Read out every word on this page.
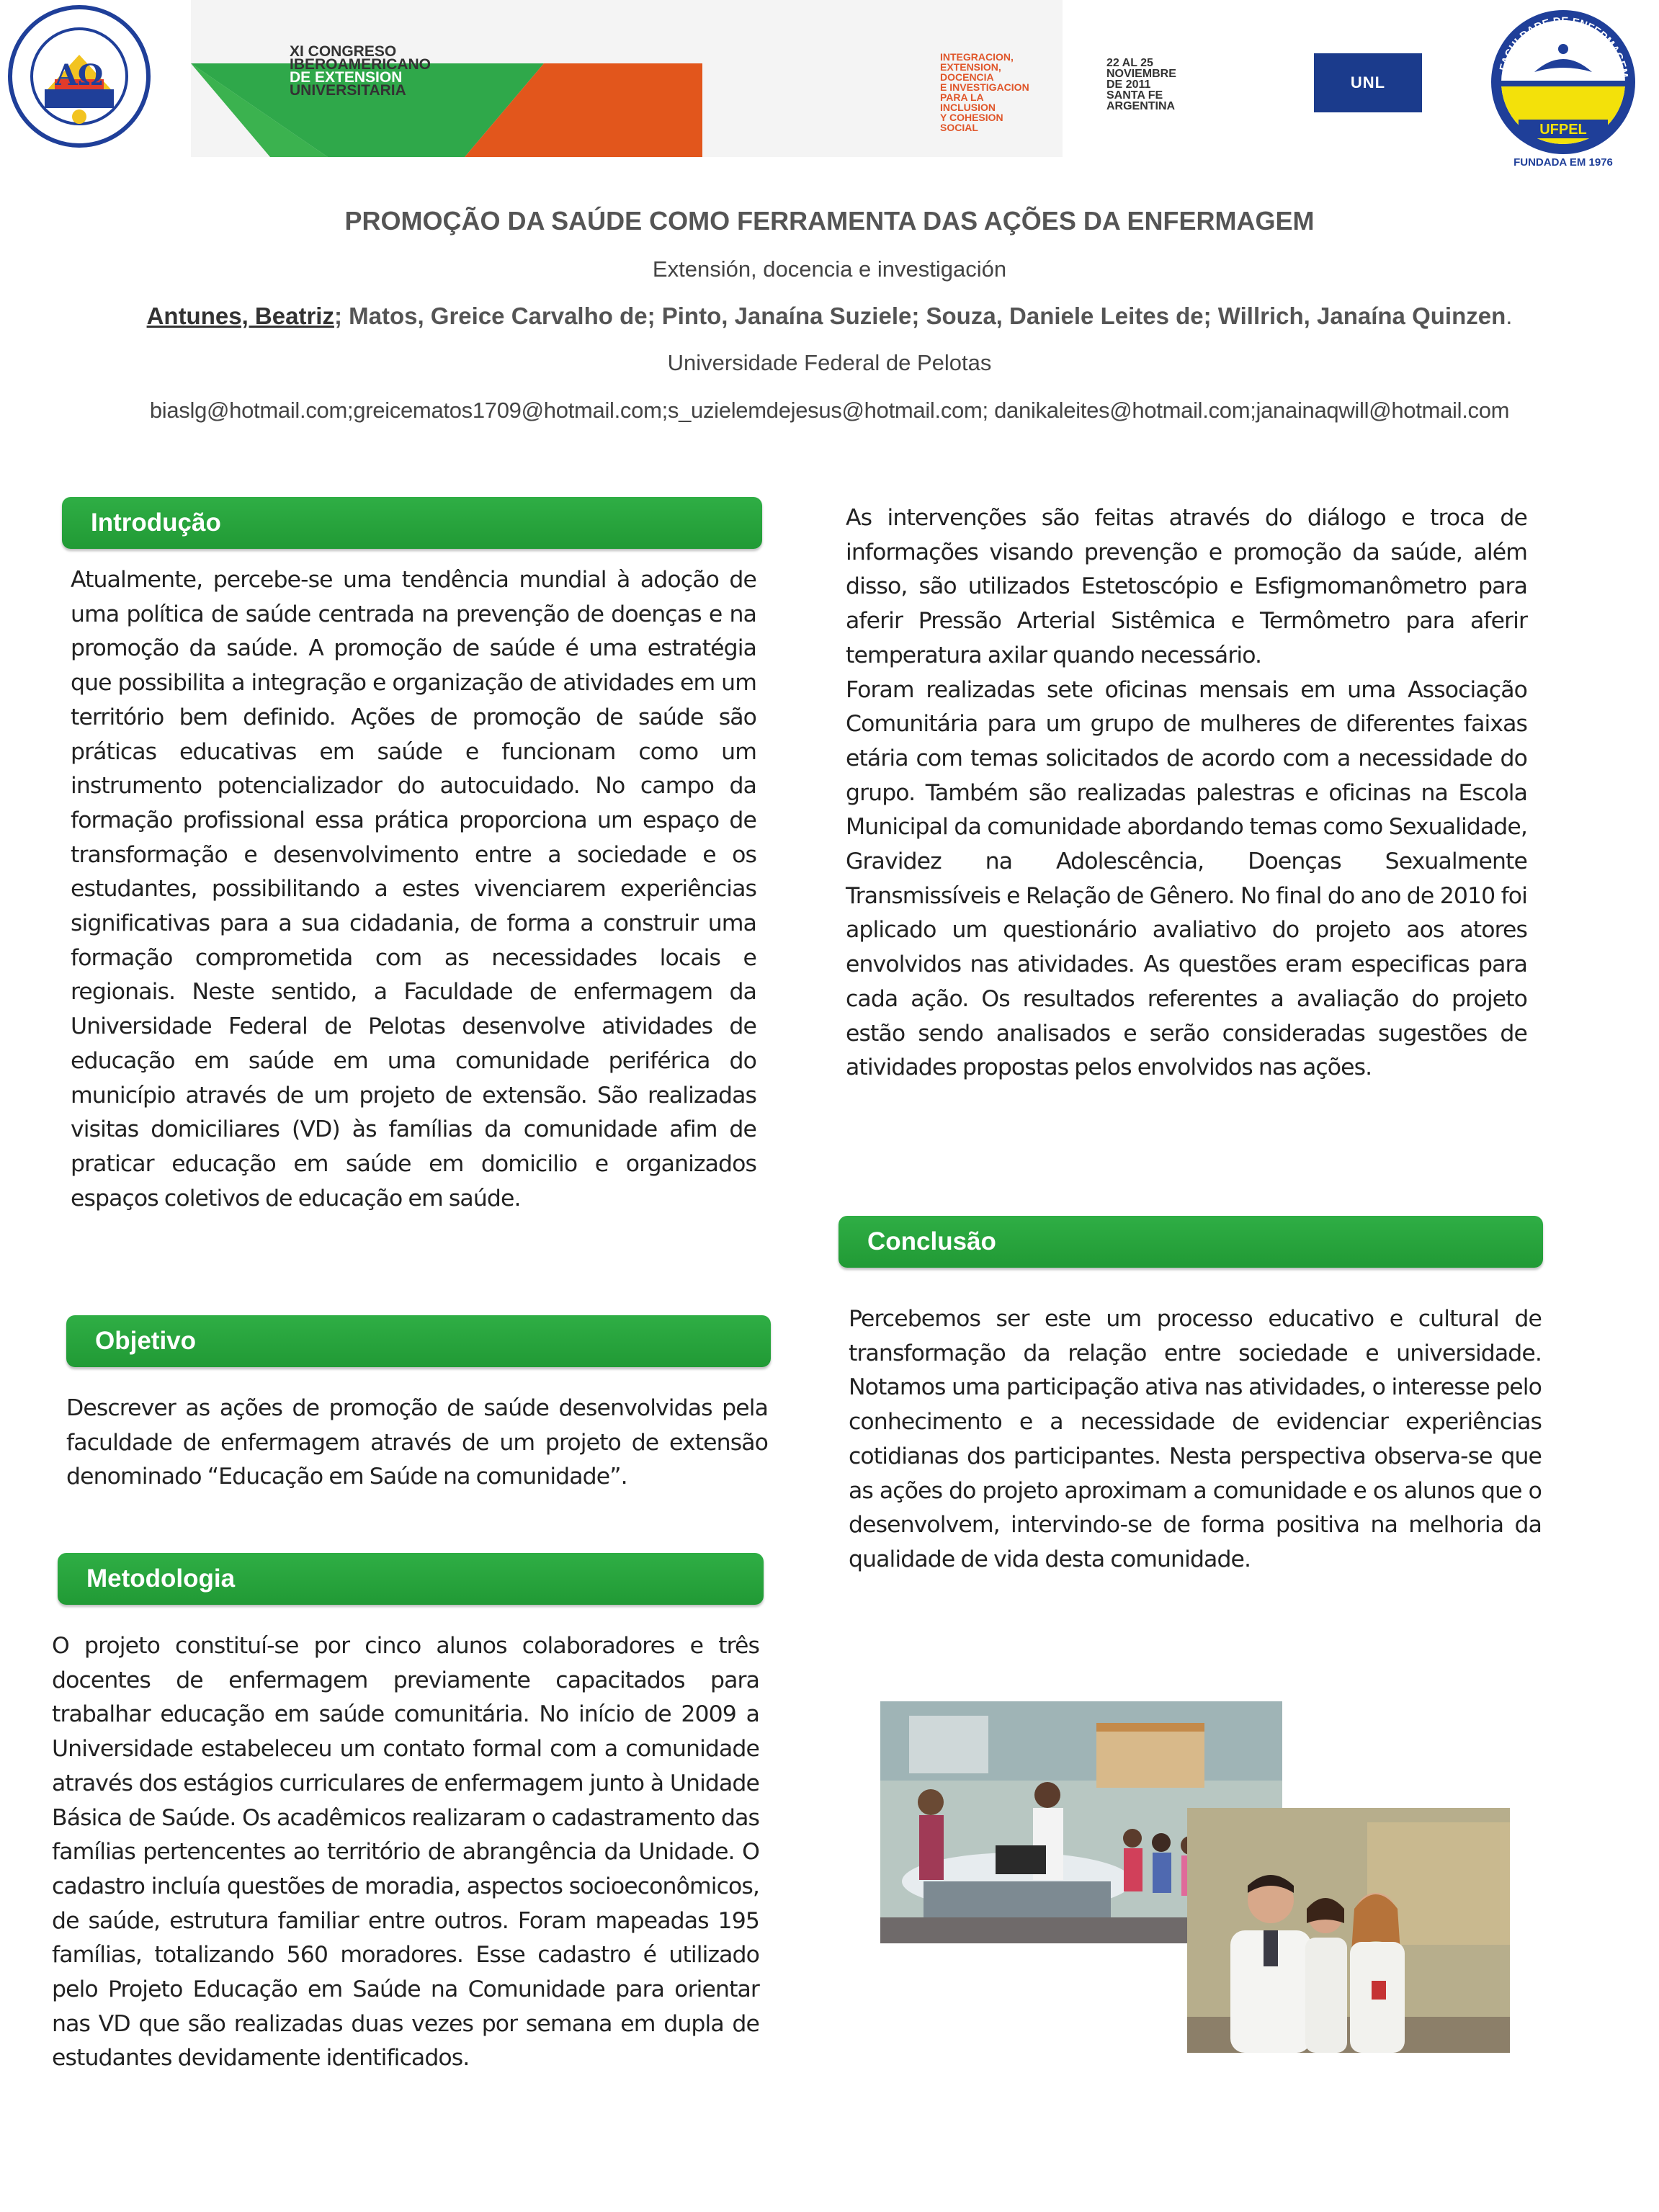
AΩ
XI CONGRESO
IBEROAMERICANO
DE EXTENSION
UNIVERSITARIA
INTEGRACION,
EXTENSION,
DOCENCIA
E INVESTIGACION
PARA LA
INCLUSION
Y COHESION
SOCIAL
22 AL 25
NOVIEMBRE
DE 2011
SANTA FE
ARGENTINA
UNL
FACULDADE DE ENFERMAGEM
UFPEL
FUNDADA EM 1976
PROMOÇÃO DA SAÚDE COMO FERRAMENTA DAS AÇÕES DA ENFERMAGEM
Extensión, docencia e investigación
Antunes, Beatriz; Matos, Greice Carvalho de; Pinto, Janaína Suziele; Souza, Daniele Leites de; Willrich, Janaína Quinzen.
Universidade Federal de Pelotas
biaslg@hotmail.com;greicematos1709@hotmail.com;s_uzielemdejesus@hotmail.com; danikaleites@hotmail.com;janainaqwill@hotmail.com
Introdução
Atualmente, percebe-se uma tendência mundial à adoção de uma política de saúde centrada na prevenção de doenças e na promoção da saúde. A promoção de saúde é uma estratégia que possibilita a integração e organização de atividades em um território bem definido. Ações de promoção de saúde são práticas educativas em saúde e funcionam como um instrumento potencializador do autocuidado. No campo da formação profissional essa prática proporciona um espaço de transformação e desenvolvimento entre a sociedade e os estudantes, possibilitando a estes vivenciarem experiências significativas para a sua cidadania, de forma a construir uma formação comprometida com as necessidades locais e regionais. Neste sentido, a Faculdade de enfermagem da Universidade Federal de Pelotas desenvolve atividades de educação em saúde em uma comunidade periférica do município através de um projeto de extensão. São realizadas visitas domiciliares (VD) às famílias da comunidade afim de praticar educação em saúde em domicilio e organizados espaços coletivos de educação em saúde.
Objetivo
Descrever as ações de promoção de saúde desenvolvidas pela faculdade de enfermagem através de um projeto de extensão denominado “Educação em Saúde na comunidade”.
Metodologia
O projeto constituí-se por cinco alunos colaboradores e três docentes de enfermagem previamente capacitados para trabalhar educação em saúde comunitária. No início de 2009 a Universidade estabeleceu um contato formal com a comunidade através dos estágios curriculares de enfermagem junto à Unidade Básica de Saúde. Os acadêmicos realizaram o cadastramento das famílias pertencentes ao território de abrangência da Unidade. O cadastro incluía questões de moradia, aspectos socioeconômicos, de saúde, estrutura familiar entre outros. Foram mapeadas 195 famílias, totalizando 560 moradores. Esse cadastro é utilizado pelo Projeto Educação em Saúde na Comunidade para orientar nas VD que são realizadas duas vezes por semana em dupla de estudantes devidamente identificados.
As intervenções são feitas através do diálogo e troca de informações visando prevenção e promoção da saúde, além disso, são utilizados Estetoscópio e Esfigmomanômetro para aferir Pressão Arterial Sistêmica e Termômetro para aferir temperatura axilar quando necessário.
Foram realizadas sete oficinas mensais em uma Associação Comunitária para um grupo de mulheres de diferentes faixas etária com temas solicitados de acordo com a necessidade do grupo. Também são realizadas palestras e oficinas na Escola Municipal da comunidade abordando temas como Sexualidade, Gravidez na Adolescência, Doenças Sexualmente Transmissíveis e Relação de Gênero. No final do ano de 2010 foi aplicado um questionário avaliativo do projeto aos atores envolvidos nas atividades. As questões eram especificas para cada ação. Os resultados referentes a avaliação do projeto estão sendo analisados e serão consideradas sugestões de atividades propostas pelos envolvidos nas ações.
Conclusão
Percebemos ser este um processo educativo e cultural de transformação da relação entre sociedade e universidade. Notamos uma participação ativa nas atividades, o interesse pelo conhecimento e a necessidade de evidenciar experiências cotidianas dos participantes. Nesta perspectiva observa-se que as ações do projeto aproximam a comunidade e os alunos que o desenvolvem, intervindo-se de forma positiva na melhoria da qualidade de vida desta comunidade.
